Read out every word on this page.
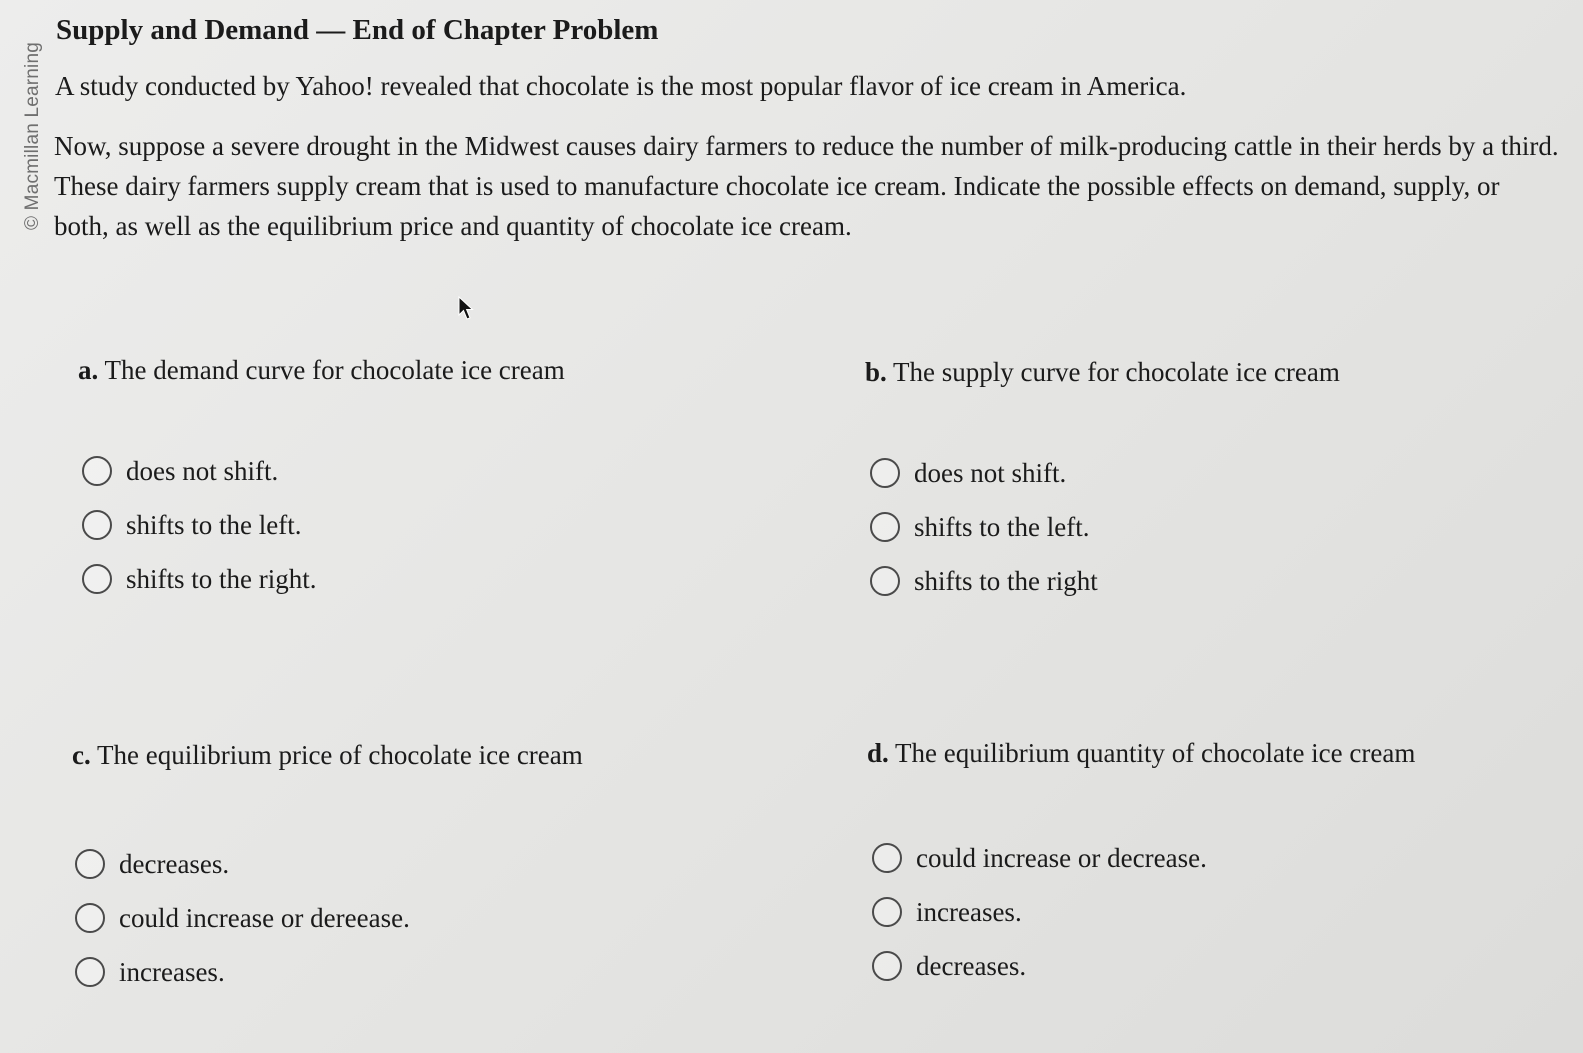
© Macmillan Learning
Supply and Demand — End of Chapter Problem

A study conducted by Yahoo! revealed that chocolate is the most popular flavor of ice cream in America.

Now, suppose a severe drought in the Midwest causes dairy farmers to reduce the number of milk-producing cattle in their herds by a third. These dairy farmers supply cream that is used to manufacture chocolate ice cream. Indicate the possible effects on demand, supply, or both, as well as the equilibrium price and quantity of chocolate ice cream.

a. The demand curve for chocolate ice cream

does not shift.
shifts to the left.
shifts to the right.

b. The supply curve for chocolate ice cream

does not shift.
shifts to the left.
shifts to the right

c. The equilibrium price of chocolate ice cream

decreases.
could increase or dereease.
increases.

d. The equilibrium quantity of chocolate ice cream

could increase or decrease.
increases.
decreases.
